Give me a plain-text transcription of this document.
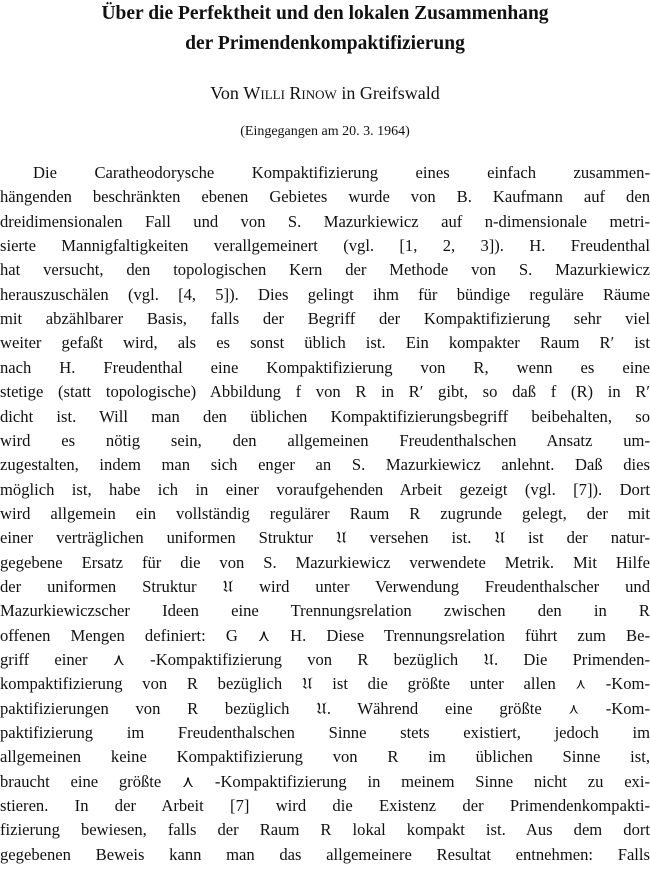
Über die Perfektheit und den lokalen Zusammenhang
der Primendenkompaktifizierung
Von Willi Rinow in Greifswald
(Eingegangen am 20. 3. 1964)
Die Caratheodorysche Kompaktifizierung eines einfach zusammen-
hängenden beschränkten ebenen Gebietes wurde von B. Kaufmann auf den
dreidimensionalen Fall und von S. Mazurkiewicz auf n-dimensionale metri-
sierte Mannigfaltigkeiten verallgemeinert (vgl. [1, 2, 3]). H. Freudenthal
hat versucht, den topologischen Kern der Methode von S. Mazurkiewicz
herauszuschälen (vgl. [4, 5]). Dies gelingt ihm für bündige reguläre Räume
mit abzählbarer Basis, falls der Begriff der Kompaktifizierung sehr viel
weiter gefaßt wird, als es sonst üblich ist. Ein kompakter Raum R′ ist
nach H. Freudenthal eine Kompaktifizierung von R, wenn es eine
stetige (statt topologische) Abbildung f von R in R′ gibt, so daß f (R) in R′
dicht ist. Will man den üblichen Kompaktifizierungsbegriff beibehalten, so
wird es nötig sein, den allgemeinen Freudenthalschen Ansatz um-
zugestalten, indem man sich enger an S. Mazurkiewicz anlehnt. Daß dies
möglich ist, habe ich in einer voraufgehenden Arbeit gezeigt (vgl. [7]). Dort
wird allgemein ein vollständig regulärer Raum R zugrunde gelegt, der mit
einer verträglichen uniformen Struktur 𝔘 versehen ist. 𝔘 ist der natur-
gegebene Ersatz für die von S. Mazurkiewicz verwendete Metrik. Mit Hilfe
der uniformen Struktur 𝔘 wird unter Verwendung Freudenthalscher und
Mazurkiewiczscher Ideen eine Trennungsrelation zwischen den in R
offenen Mengen definiert: G ⋏ H. Diese Trennungsrelation führt zum Be-
griff einer ⋏ -Kompaktifizierung von R bezüglich 𝔘. Die Primenden-
kompaktifizierung von R bezüglich 𝔘 ist die größte unter allen ⋏ -Kom-
paktifizierungen von R bezüglich 𝔘. Während eine größte ⋏ -Kom-
paktifizierung im Freudenthalschen Sinne stets existiert, jedoch im
allgemeinen keine Kompaktifizierung von R im üblichen Sinne ist,
braucht eine größte ⋏ -Kompaktifizierung in meinem Sinne nicht zu exi-
stieren. In der Arbeit [7] wird die Existenz der Primendenkompakti-
fizierung bewiesen, falls der Raum R lokal kompakt ist. Aus dem dort
gegebenen Beweis kann man das allgemeinere Resultat entnehmen: Falls
